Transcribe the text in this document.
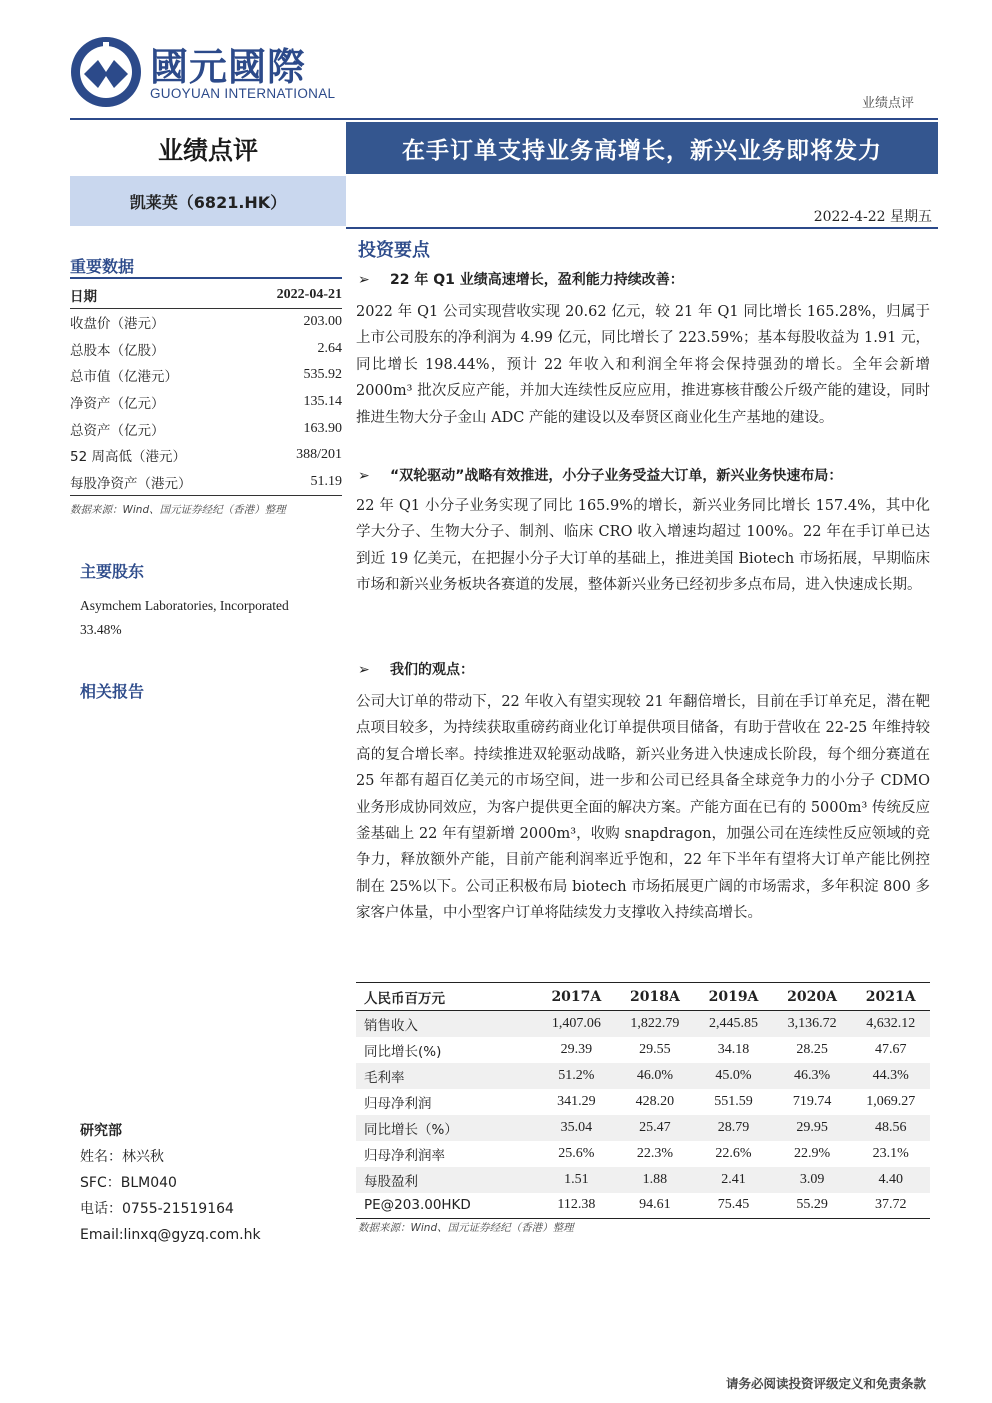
國元國際
GUOYUAN INTERNATIONAL
业绩点评
业绩点评	在手订单支持业务高增长，新兴业务即将发力
凯莱英（6821.HK）
2022-4-22 星期五
重要数据
日期	2022-04-21
收盘价（港元）	203.00
总股本（亿股）	2.64
总市值（亿港元）	535.92
净资产（亿元）	135.14
总资产（亿元）	163.90
52 周高低（港元）	388/201
每股净资产（港元）	51.19
数据来源：Wind、国元证券经纪（香港）整理
主要股东
Asymchem Laboratories, Incorporated
33.48%
相关报告
研究部
姓名：林兴秋
SFC：BLM040
电话：0755-21519164
Email:linxq@gyzq.com.hk
投资要点
➢	22 年 Q1 业绩高速增长，盈利能力持续改善：
2022 年 Q1 公司实现营收实现 20.62 亿元，较 21 年 Q1 同比增长 165.28%，归属于上市公司股东的净利润为 4.99 亿元，同比增长了 223.59%；基本每股收益为 1.91 元，同比增长 198.44%，预计 22 年收入和利润全年将会保持强劲的增长。全年会新增 2000m³ 批次反应产能，并加大连续性反应应用，推进寡核苷酸公斤级产能的建设，同时推进生物大分子金山 ADC 产能的建设以及奉贤区商业化生产基地的建设。
➢	“双轮驱动”战略有效推进，小分子业务受益大订单，新兴业务快速布局：
22 年 Q1 小分子业务实现了同比 165.9%的增长，新兴业务同比增长 157.4%，其中化学大分子、生物大分子、制剂、临床 CRO 收入增速均超过 100%。22 年在手订单已达到近 19 亿美元，在把握小分子大订单的基础上，推进美国 Biotech 市场拓展，早期临床市场和新兴业务板块各赛道的发展，整体新兴业务已经初步多点布局，进入快速成长期。
➢	我们的观点：
公司大订单的带动下，22 年收入有望实现较 21 年翻倍增长，目前在手订单充足，潜在靶点项目较多，为持续获取重磅药商业化订单提供项目储备，有助于营收在 22-25 年维持较高的复合增长率。持续推进双轮驱动战略，新兴业务进入快速成长阶段，每个细分赛道在 25 年都有超百亿美元的市场空间，进一步和公司已经具备全球竞争力的小分子 CDMO 业务形成协同效应，为客户提供更全面的解决方案。产能方面在已有的 5000m³ 传统反应釜基础上 22 年有望新增 2000m³，收购 snapdragon，加强公司在连续性反应领域的竞争力，释放额外产能，目前产能利润率近乎饱和，22 年下半年有望将大订单产能比例控制在 25%以下。公司正积极布局 biotech 市场拓展更广阔的市场需求，多年积淀 800 多家客户体量，中小型客户订单将陆续发力支撑收入持续高增长。
人民币百万元	2017A	2018A	2019A	2020A	2021A
销售收入	1,407.06	1,822.79	2,445.85	3,136.72	4,632.12
同比增长(%)	29.39	29.55	34.18	28.25	47.67
毛利率	51.2%	46.0%	45.0%	46.3%	44.3%
归母净利润	341.29	428.20	551.59	719.74	1,069.27
同比增长（%）	35.04	25.47	28.79	29.95	48.56
归母净利润率	25.6%	22.3%	22.6%	22.9%	23.1%
每股盈利	1.51	1.88	2.41	3.09	4.40
PE@203.00HKD	112.38	94.61	75.45	55.29	37.72
数据来源：Wind、国元证券经纪（香港）整理
请务必阅读投资评级定义和免责条款
